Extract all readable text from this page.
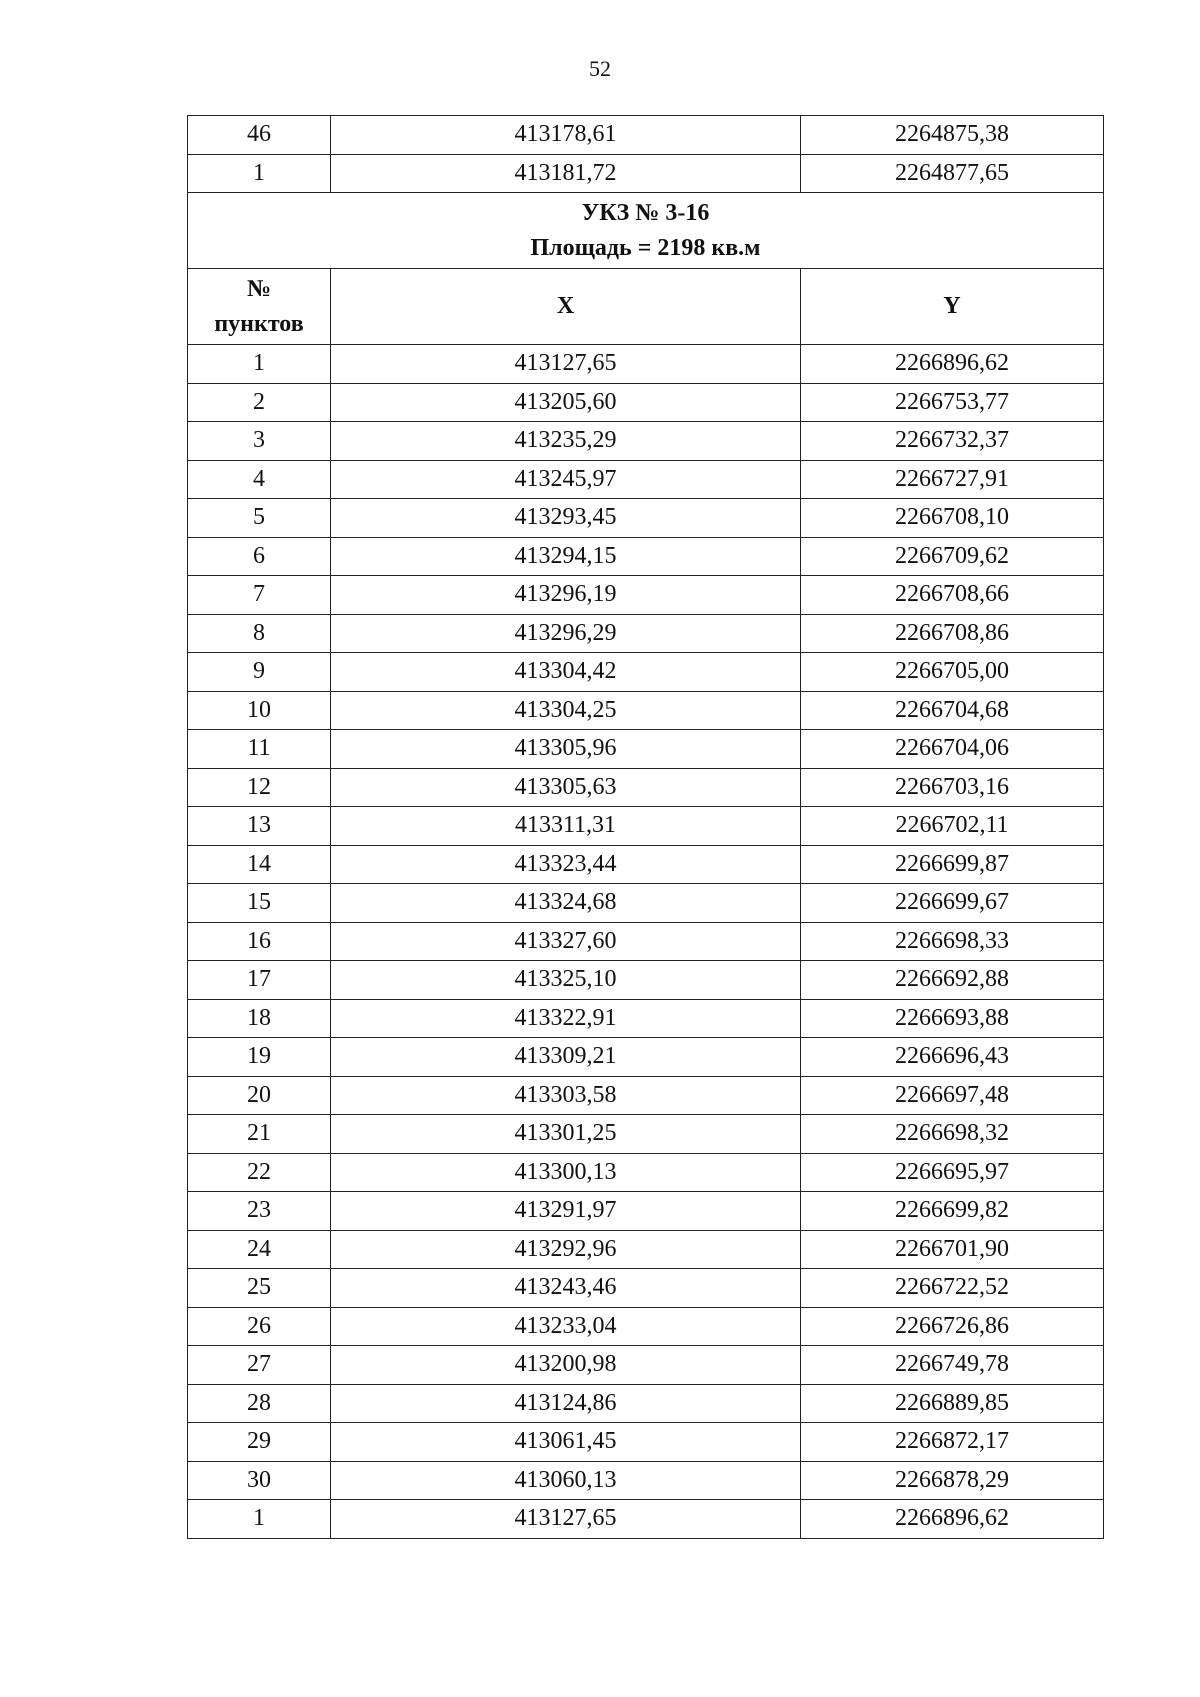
52
46	413178,61	2264875,38
1	413181,72	2264877,65

УКЗ № 3-16
Площадь = 2198 кв.м		

№
пунктов	X	Y
1	413127,65	2266896,62
2	413205,60	2266753,77
3	413235,29	2266732,37
4	413245,97	2266727,91
5	413293,45	2266708,10
6	413294,15	2266709,62
7	413296,19	2266708,66
8	413296,29	2266708,86
9	413304,42	2266705,00
10	413304,25	2266704,68
11	413305,96	2266704,06
12	413305,63	2266703,16
13	413311,31	2266702,11
14	413323,44	2266699,87
15	413324,68	2266699,67
16	413327,60	2266698,33
17	413325,10	2266692,88
18	413322,91	2266693,88
19	413309,21	2266696,43
20	413303,58	2266697,48
21	413301,25	2266698,32
22	413300,13	2266695,97
23	413291,97	2266699,82
24	413292,96	2266701,90
25	413243,46	2266722,52
26	413233,04	2266726,86
27	413200,98	2266749,78
28	413124,86	2266889,85
29	413061,45	2266872,17
30	413060,13	2266878,29
1	413127,65	2266896,62
